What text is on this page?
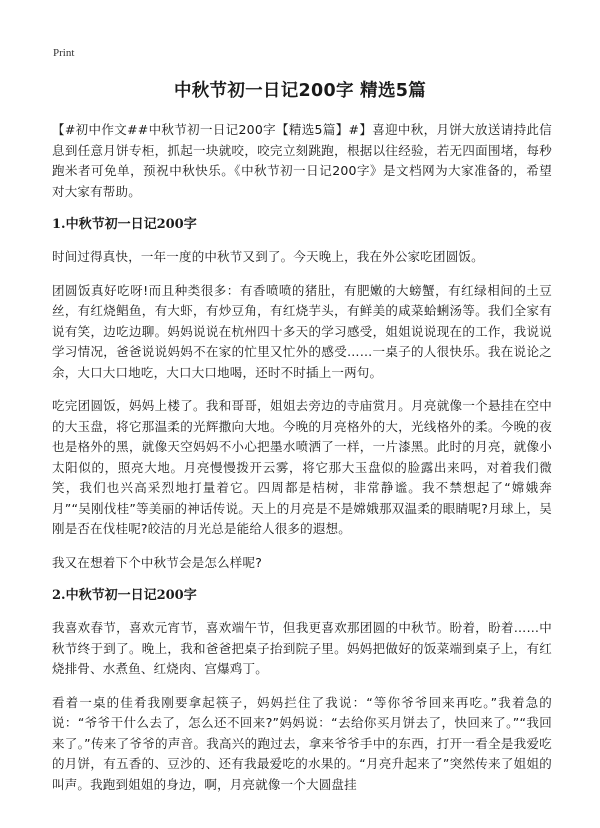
Print
中秋节初一日记200字 精选5篇

【#初中作文##中秋节初一日记200字【精选5篇】#】喜迎中秋，月饼大放送请持此信息到任意月饼专柜，抓起一块就咬，咬完立刻跳跑，根据以往经验，若无四面围堵，每秒跑米者可免单，预祝中秋快乐。《中秋节初一日记200字》是文档网为大家准备的，希望对大家有帮助。

1.中秋节初一日记200字

时间过得真快，一年一度的中秋节又到了。今天晚上，我在外公家吃团圆饭。

团圆饭真好吃呀!而且种类很多：有香喷喷的猪肚，有肥嫩的大螃蟹，有红绿相间的土豆丝，有红烧鲳鱼，有大虾，有炒豆角，有红烧芋头，有鲜美的咸菜蛤蜊汤等。我们全家有说有笑，边吃边聊。妈妈说说在杭州四十多天的学习感受，姐姐说说现在的工作，我说说学习情况，爸爸说说妈妈不在家的忙里又忙外的感受……一桌子的人很快乐。我在说论之余，大口大口地吃，大口大口地喝，还时不时插上一两句。

吃完团圆饭，妈妈上楼了。我和哥哥，姐姐去旁边的寺庙赏月。月亮就像一个悬挂在空中的大玉盘，将它那温柔的光辉撒向大地。今晚的月亮格外的大，光线格外的柔。今晚的夜也是格外的黑，就像天空妈妈不小心把墨水喷洒了一样，一片漆黑。此时的月亮，就像小太阳似的，照亮大地。月亮慢慢拨开云雾，将它那大玉盘似的脸露出来吗，对着我们微笑，我们也兴高采烈地打量着它。四周都是桔树，非常静谧。我不禁想起了“嫦娥奔月”“吴刚伐桂”等美丽的神话传说。天上的月亮是不是嫦娥那双温柔的眼睛呢?月球上，吴刚是否在伐桂呢?皎洁的月光总是能给人很多的遐想。

我又在想着下个中秋节会是怎么样呢?

2.中秋节初一日记200字

我喜欢春节，喜欢元宵节，喜欢端午节，但我更喜欢那团圆的中秋节。盼着，盼着……中秋节终于到了。晚上，我和爸爸把桌子抬到院子里。妈妈把做好的饭菜端到桌子上，有红烧排骨、水煮鱼、红烧肉、宫爆鸡丁。

看着一桌的佳肴我刚要拿起筷子，妈妈拦住了我说：“等你爷爷回来再吃。”我着急的说：“爷爷干什么去了，怎么还不回来?”妈妈说：“去给你买月饼去了，快回来了。”“我回来了。”传来了爷爷的声音。我高兴的跑过去，拿来爷爷手中的东西，打开一看全是我爱吃的月饼，有五香的、豆沙的、还有我最爱吃的水果的。“月亮升起来了”突然传来了姐姐的叫声。我跑到姐姐的身边，啊，月亮就像一个大圆盘挂
